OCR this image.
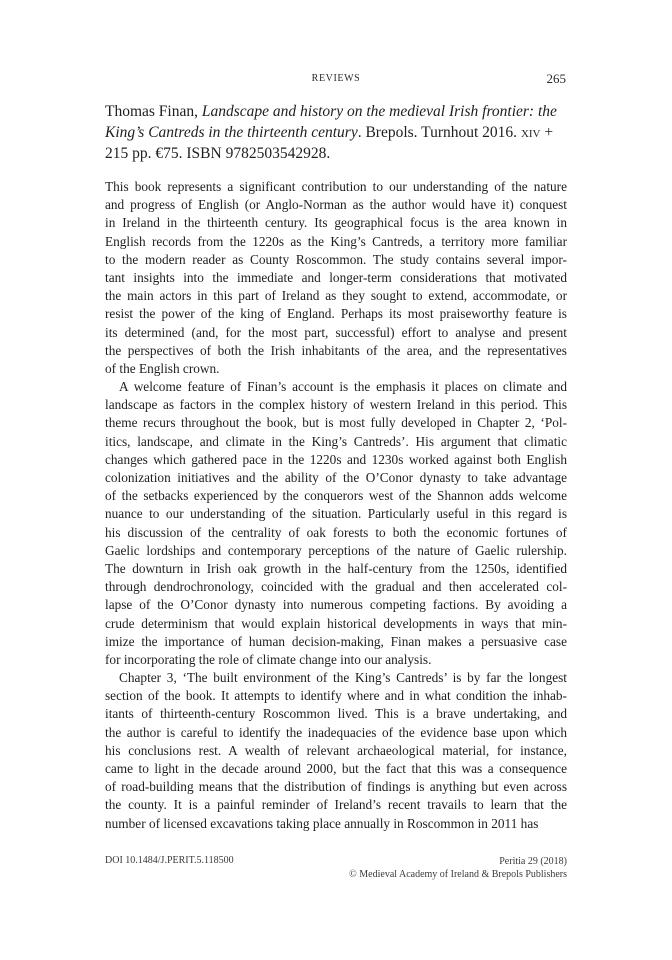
REVIEWS	265
Thomas Finan, Landscape and history on the medieval Irish frontier: the King’s Cantreds in the thirteenth century. Brepols. Turnhout 2016. xiv + 215 pp. €75. ISBN 9782503542928.
This book represents a significant contribution to our understanding of the nature
and progress of English (or Anglo-Norman as the author would have it) conquest
in Ireland in the thirteenth century. Its geographical focus is the area known in
English records from the 1220s as the King’s Cantreds, a territory more familiar
to the modern reader as County Roscommon. The study contains several impor-
tant insights into the immediate and longer-term considerations that motivated
the main actors in this part of Ireland as they sought to extend, accommodate, or
resist the power of the king of England. Perhaps its most praiseworthy feature is
its determined (and, for the most part, successful) effort to analyse and present
the perspectives of both the Irish inhabitants of the area, and the representatives
of the English crown.
A welcome feature of Finan’s account is the emphasis it places on climate and
landscape as factors in the complex history of western Ireland in this period. This
theme recurs throughout the book, but is most fully developed in Chapter 2, ‘Pol-
itics, landscape, and climate in the King’s Cantreds’. His argument that climatic
changes which gathered pace in the 1220s and 1230s worked against both English
colonization initiatives and the ability of the O’Conor dynasty to take advantage
of the setbacks experienced by the conquerors west of the Shannon adds welcome
nuance to our understanding of the situation. Particularly useful in this regard is
his discussion of the centrality of oak forests to both the economic fortunes of
Gaelic lordships and contemporary perceptions of the nature of Gaelic rulership.
The downturn in Irish oak growth in the half-century from the 1250s, identified
through dendrochronology, coincided with the gradual and then accelerated col-
lapse of the O’Conor dynasty into numerous competing factions. By avoiding a
crude determinism that would explain historical developments in ways that min-
imize the importance of human decision-making, Finan makes a persuasive case
for incorporating the role of climate change into our analysis.
Chapter 3, ‘The built environment of the King’s Cantreds’ is by far the longest
section of the book. It attempts to identify where and in what condition the inhab-
itants of thirteenth-century Roscommon lived. This is a brave undertaking, and
the author is careful to identify the inadequacies of the evidence base upon which
his conclusions rest. A wealth of relevant archaeological material, for instance,
came to light in the decade around 2000, but the fact that this was a consequence
of road-building means that the distribution of findings is anything but even across
the county. It is a painful reminder of Ireland’s recent travails to learn that the
number of licensed excavations taking place annually in Roscommon in 2011 has
DOI 10.1484/J.PERIT.5.118500	Peritia 29 (2018)
© Medieval Academy of Ireland & Brepols Publishers
